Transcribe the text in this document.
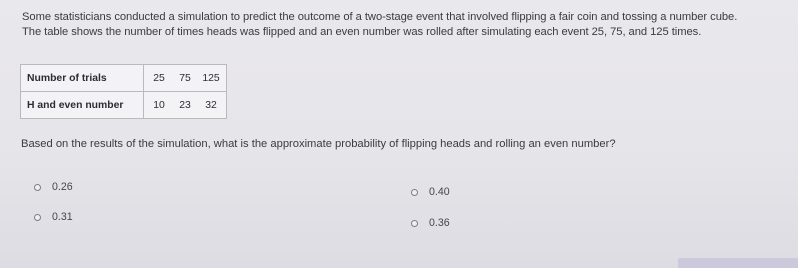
Some statisticians conducted a simulation to predict the outcome of a two-stage event that involved flipping a fair coin and tossing a number cube.
The table shows the number of times heads was flipped and an even number was rolled after simulating each event 25, 75, and 125 times.
Number of trials	25	75	125
H and even number	10	23	32
Based on the results of the simulation, what is the approximate probability of flipping heads and rolling an even number?
0.26
0.31
0.40
0.36
